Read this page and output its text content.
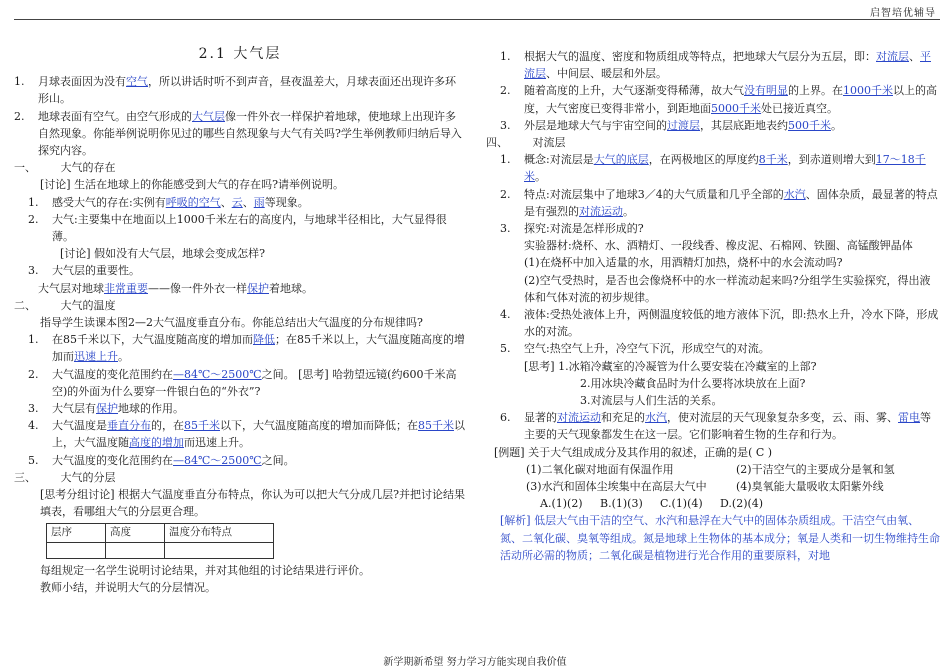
启智培优辅导
2.1 大气层

1. 月球表面因为没有空气，所以讲话时听不到声音，昼夜温差大，月球表面还出现许多环形山。

2. 地球表面有空气。由空气形成的大气层像一件外衣一样保护着地球，使地球上出现许多自然现象。你能举例说明你见过的哪些自然现象与大气有关吗?学生举例教师归纳后导入探究内容。

一、 大气的存在

[讨论] 生活在地球上的你能感受到大气的存在吗?请举例说明。

1. 感受大气的存在:实例有呼吸的空气、云、雨等现象。

2. 大气:主要集中在地面以上1000千米左右的高度内，与地球半径相比，大气显得很薄。

[讨论] 假如没有大气层，地球会变成怎样?

3. 大气层的重要性。

大气层对地球非常重要——像一件外衣一样保护着地球。

二、 大气的温度

指导学生读课本图2—2大气温度垂直分布。你能总结出大气温度的分布规律吗?

1. 在85千米以下，大气温度随高度的增加而降低；在85千米以上，大气温度随高度的增加而迅速上升。

2. 大气温度的变化范围约在—84℃～2500℃之间。 [思考] 哈勃望远镜(约600千米高空)的外面为什么要穿一件银白色的“外衣”?

3. 大气层有保护地球的作用。

4. 大气温度是垂直分布的，在85千米以下，大气温度随高度的增加而降低；在85千米以上，大气温度随高度的增加而迅速上升。

5. 大气温度的变化范围约在—84℃～2500℃之间。

三、 大气的分层

[思考分组讨论] 根据大气温度垂直分布特点，你认为可以把大气分成几层?并把讨论结果填表，看哪组大气的分层更合理。

层序	高度	温度分布特点

每组规定一名学生说明讨论结果，并对其他组的讨论结果进行评价。

教师小结，并说明大气的分层情况。

1. 根据大气的温度、密度和物质组成等特点，把地球大气层分为五层，即：对流层、平流层、中间层、暖层和外层。

2. 随着高度的上升，大气逐渐变得稀薄，故大气没有明显的上界。在1000千米以上的高度，大气密度已变得非常小，到距地面5000千米处已接近真空。

3. 外层是地球大气与宇宙空间的过渡层，其层底距地表约500千米。

四、 对流层

1. 概念:对流层是大气的底层，在两极地区的厚度约8千米，到赤道则增大到17～18千米。

2. 特点:对流层集中了地球3／4的大气质量和几乎全部的水汽、固体杂质，最显著的特点是有强烈的对流运动。

3. 探究:对流是怎样形成的?

实验器材:烧杯、水、酒精灯、一段线香、橡皮泥、石棉网、铁圈、高锰酸钾晶体

(1)在烧杯中加入适量的水，用酒精灯加热，烧杯中的水会流动吗?

(2)空气受热时，是否也会像烧杯中的水一样流动起来吗?分组学生实验探究，得出液体和气体对流的初步规律。

4. 液体:受热处液体上升，两侧温度较低的地方液体下沉，即:热水上升，冷水下降，形成水的对流。

5. 空气:热空气上升，冷空气下沉，形成空气的对流。

[思考] 1.冰箱冷藏室的冷凝管为什么要安装在冷藏室的上部?

2.用冰块冷藏食品时为什么要将冰块放在上面?

3.对流层与人们生活的关系。

6. 显著的对流运动和充足的水汽，使对流层的天气现象复杂多变，云、雨、雾、雷电等主要的天气现象都发生在这一层。它们影响着生物的生存和行为。

[例题] 关于大气组成成分及其作用的叙述，正确的是( C )

(1)二氧化碳对地面有保温作用	(2)干洁空气的主要成分是氧和氢
(3)水汽和固体尘埃集中在高层大气中	(4)臭氧能大量吸收太阳紫外线
A.(1)(2)	B.(1)(3)	C.(1)(4)	D.(2)(4)

[解析] 低层大气由干洁的空气、水汽和悬浮在大气中的固体杂质组成。干洁空气由氧、氮、二氧化碳、臭氧等组成。氮是地球上生物体的基本成分；氧是人类和一切生物维持生命活动所必需的物质；二氧化碳是植物进行光合作用的重要原料，对地

新学期新希望 努力学习方能实现自我价值
